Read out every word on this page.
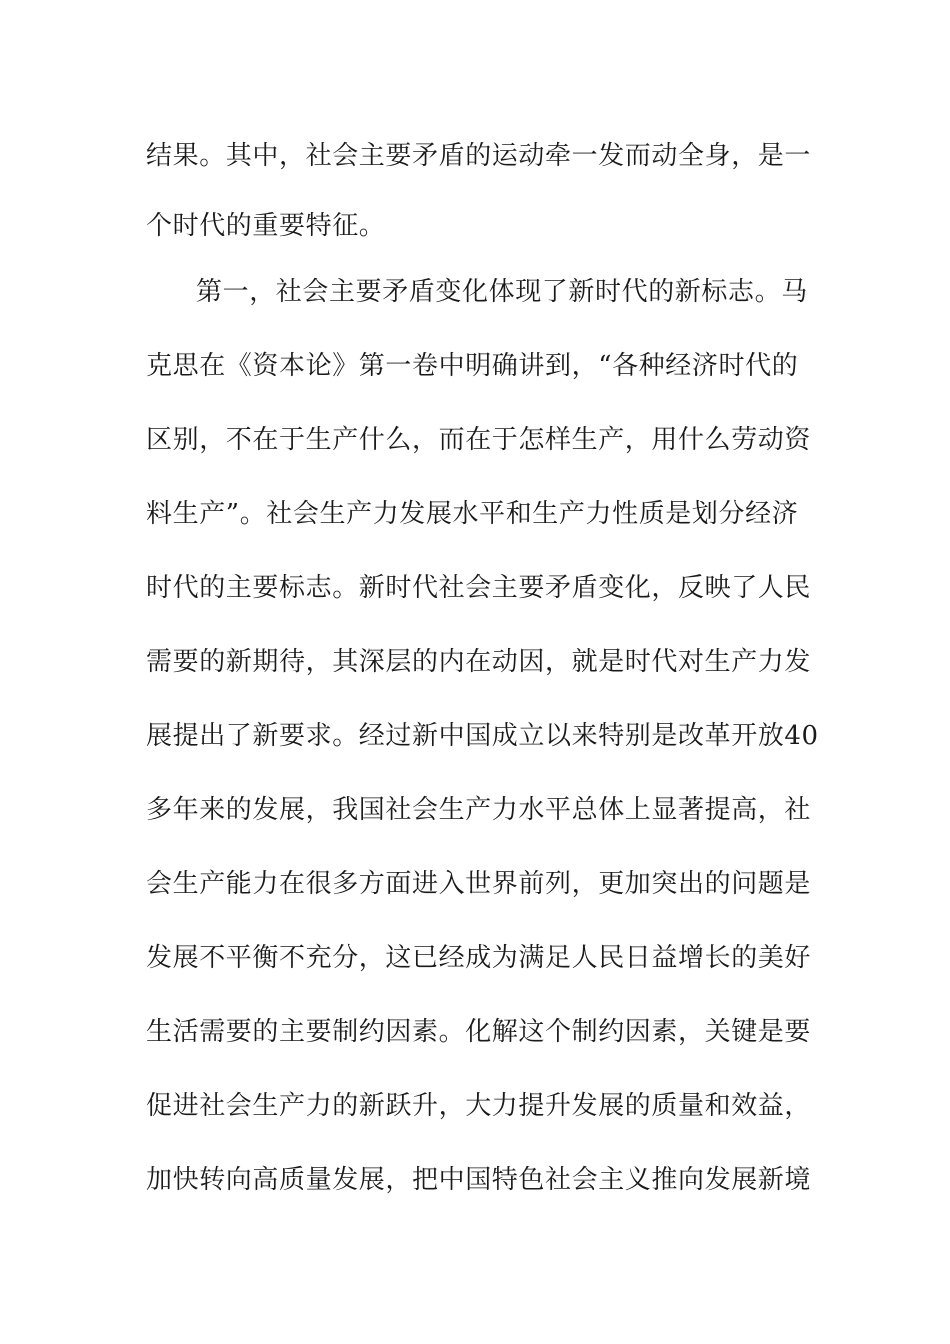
结果。其中，社会主要矛盾的运动牵一发而动全身，是一
个时代的重要特征。
第一，社会主要矛盾变化体现了新时代的新标志。马
克思在《资本论》第一卷中明确讲到，“各种经济时代的
区别，不在于生产什么，而在于怎样生产，用什么劳动资
料生产”。社会生产力发展水平和生产力性质是划分经济
时代的主要标志。新时代社会主要矛盾变化，反映了人民
需要的新期待，其深层的内在动因，就是时代对生产力发
展提出了新要求。经过新中国成立以来特别是改革开放40
多年来的发展，我国社会生产力水平总体上显著提高，社
会生产能力在很多方面进入世界前列，更加突出的问题是
发展不平衡不充分，这已经成为满足人民日益增长的美好
生活需要的主要制约因素。化解这个制约因素，关键是要
促进社会生产力的新跃升，大力提升发展的质量和效益，
加快转向高质量发展，把中国特色社会主义推向发展新境
